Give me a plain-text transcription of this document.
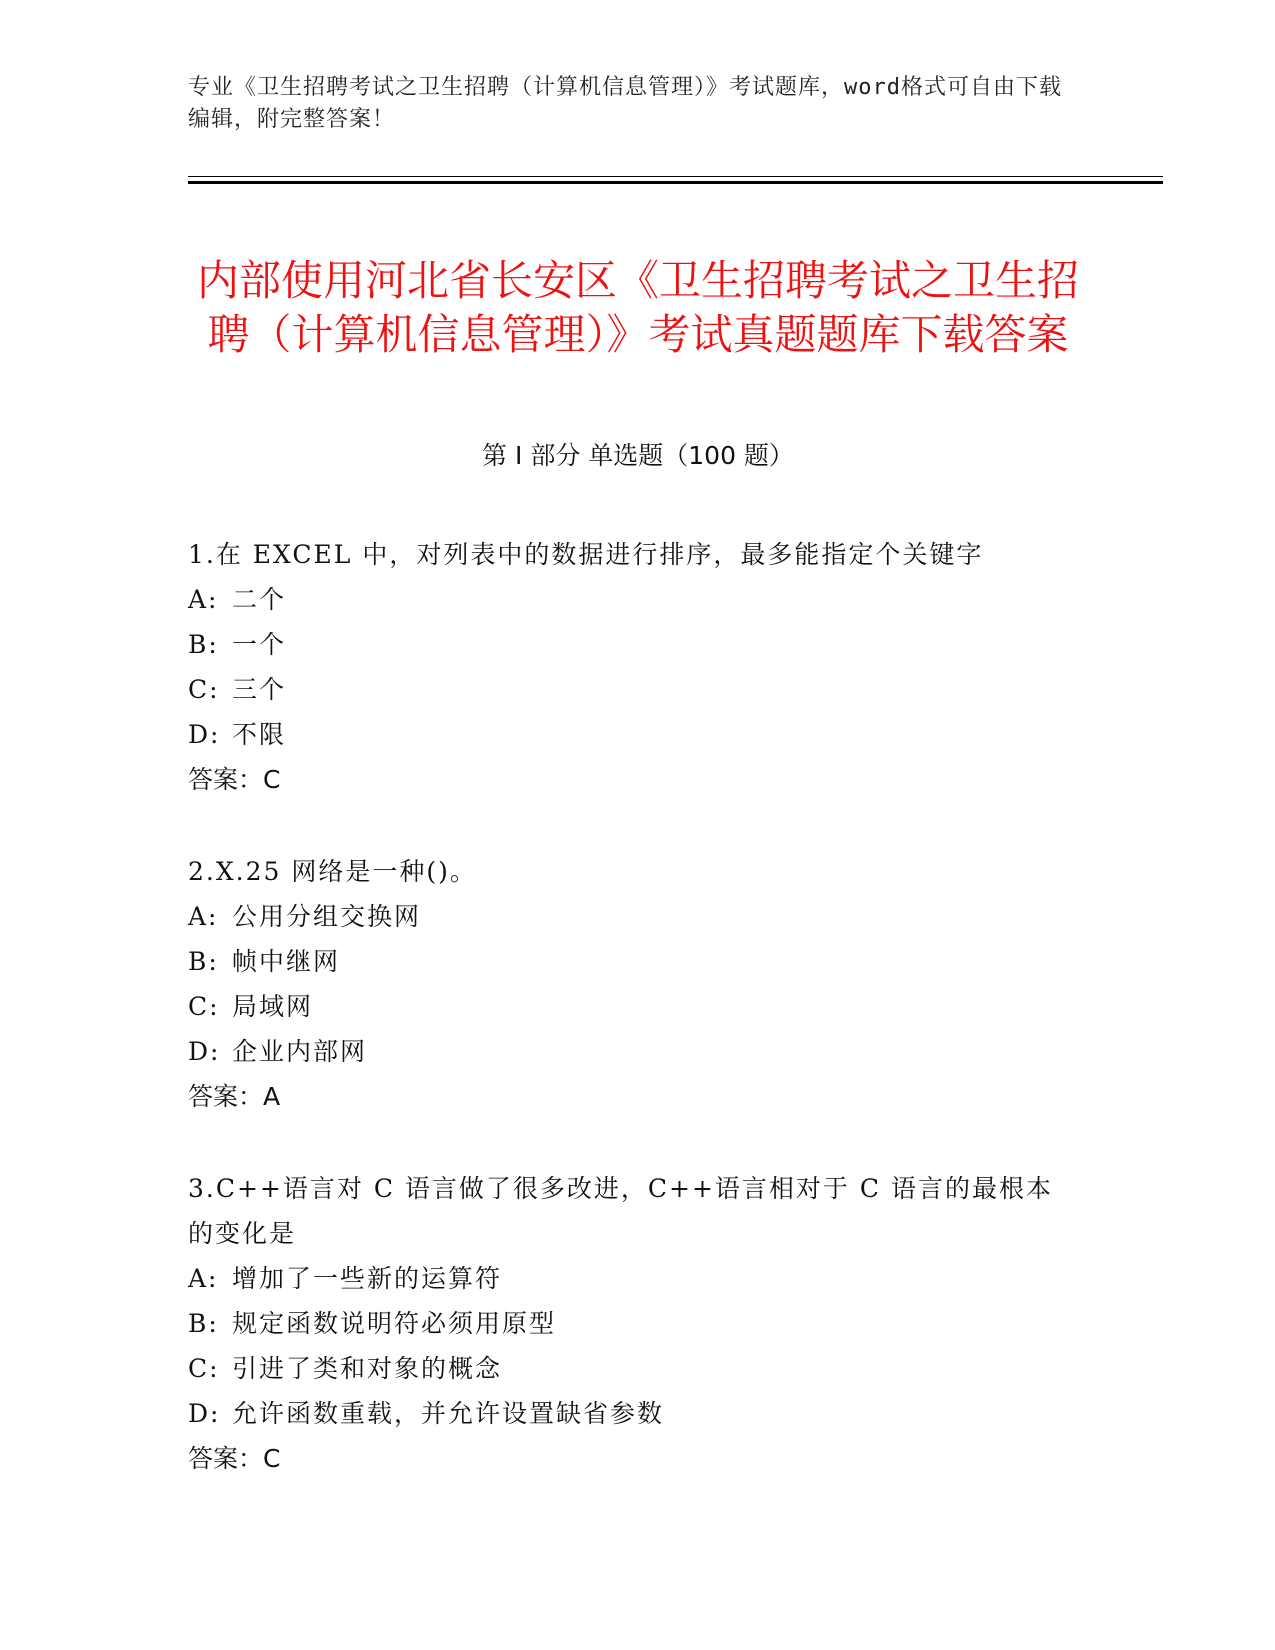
专业《卫生招聘考试之卫生招聘（计算机信息管理）》考试题库，word格式可自由下载编辑，附完整答案！
内部使用河北省长安区《卫生招聘考试之卫生招聘（计算机信息管理）》考试真题题库下载答案
第 I 部分 单选题（100 题）

1.在 EXCEL 中，对列表中的数据进行排序，最多能指定个关键字

A: 二个

B: 一个

C: 三个

D: 不限

答案：C

2.X.25 网络是一种()。

A: 公用分组交换网

B: 帧中继网

C: 局域网

D: 企业内部网

答案：A

3.C++语言对 C 语言做了很多改进，C++语言相对于 C 语言的最根本的变化是

A: 增加了一些新的运算符

B: 规定函数说明符必须用原型

C: 引进了类和对象的概念

D: 允许函数重载，并允许设置缺省参数

答案：C
